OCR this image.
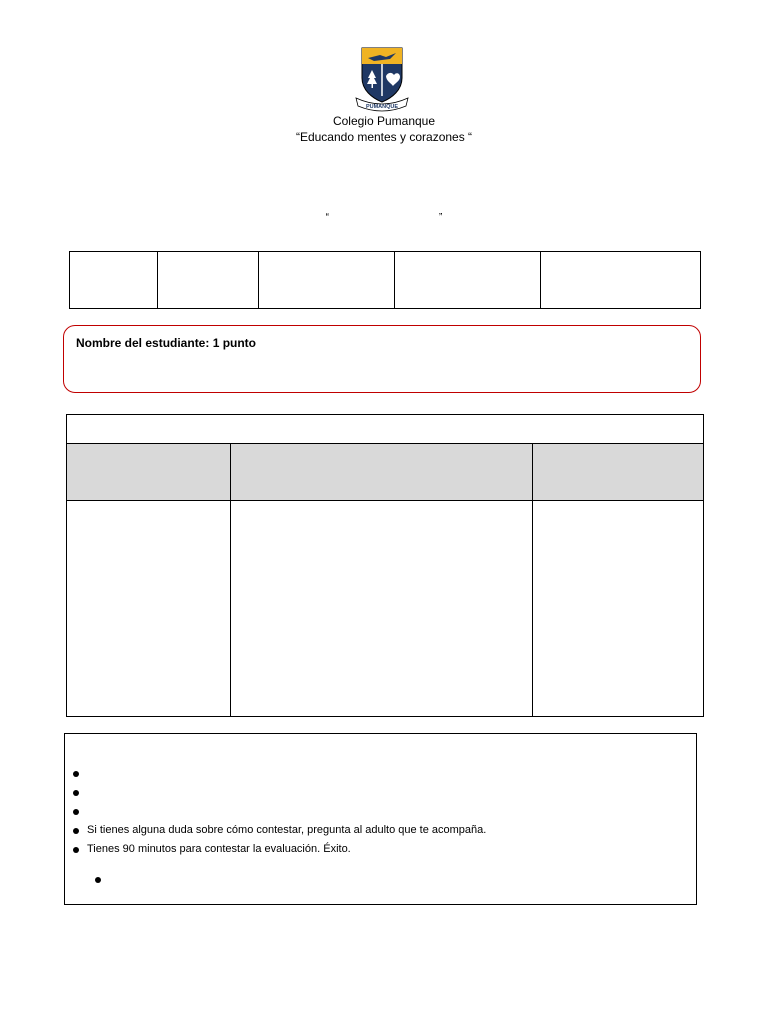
PUMANQUE
Colegio Pumanque
“Educando mentes y corazones “
“	”

Nombre del estudiante: 1 punto

Si tienes alguna duda sobre cómo contestar, pregunta al adulto que te acompaña.
Tienes 90 minutos para contestar la evaluación. Éxito.
